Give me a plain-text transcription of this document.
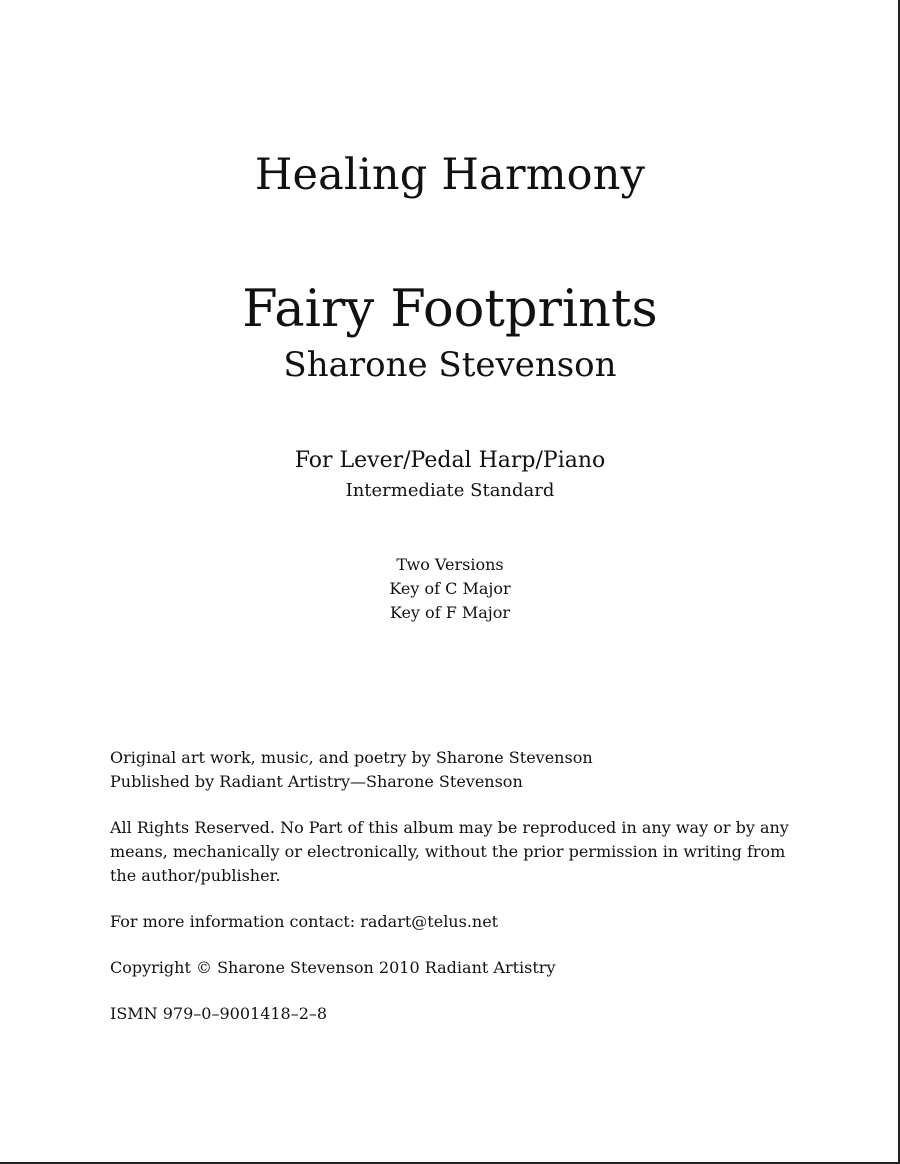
Healing Harmony
Fairy Footprints
Sharone Stevenson
For Lever/Pedal Harp/Piano
Intermediate Standard
Two Versions
Key of C Major
Key of F Major

Original art work, music, and poetry by Sharone Stevenson

Published by Radiant Artistry—Sharone Stevenson

All Rights Reserved. No Part of this album may be reproduced in any way or by any

means, mechanically or electronically, without the prior permission in writing from

the author/publisher.

For more information contact: radart@telus.net

Copyright © Sharone Stevenson 2010 Radiant Artistry

ISMN 979–0–9001418–2–8
